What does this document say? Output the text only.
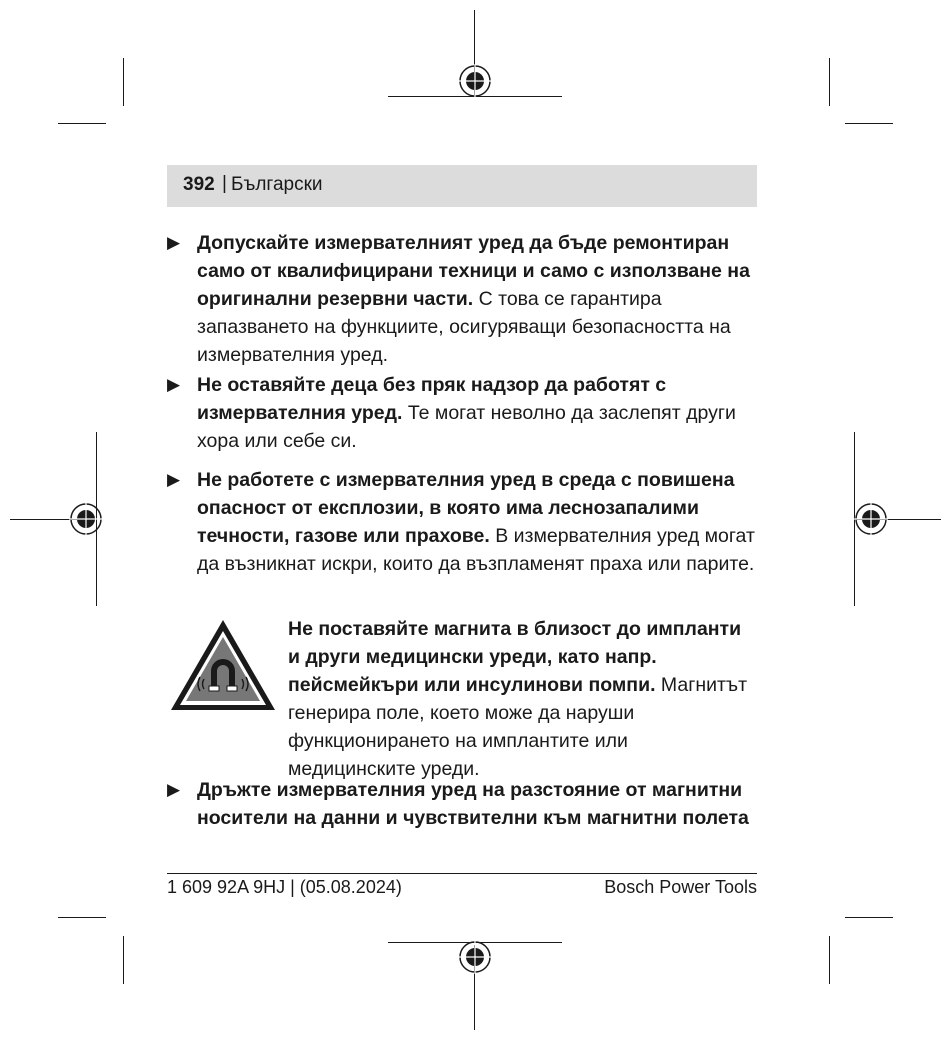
392 | Български
▶ Допускайте измервателният уред да бъде ремонтиран само от квалифицирани техници и само с използване на оригинални резервни части. С това се гарантира запазването на функциите, осигуряващи безопасността на измервателния уред.
▶ Не оставяйте деца без пряк надзор да работят с измервателния уред. Те могат неволно да заслепят други хора или себе си.
▶ Не работете с измервателния уред в среда с повишена опасност от експлозии, в която има леснозапалими течности, газове или прахове. В измервателния уред могат да възникнат искри, които да възпламенят праха или парите.
Не поставяйте магнита в близост до импланти и други медицински уреди, като напр. пейсмейкъри или инсулинови помпи. Магнитът генерира поле, което може да наруши функционирането на имплантите или медицинските уреди.
▶ Дръжте измервателния уред на разстояние от магнитни носители на данни и чувствителни към магнитни полета
1 609 92A 9HJ | (05.08.2024)	Bosch Power Tools
